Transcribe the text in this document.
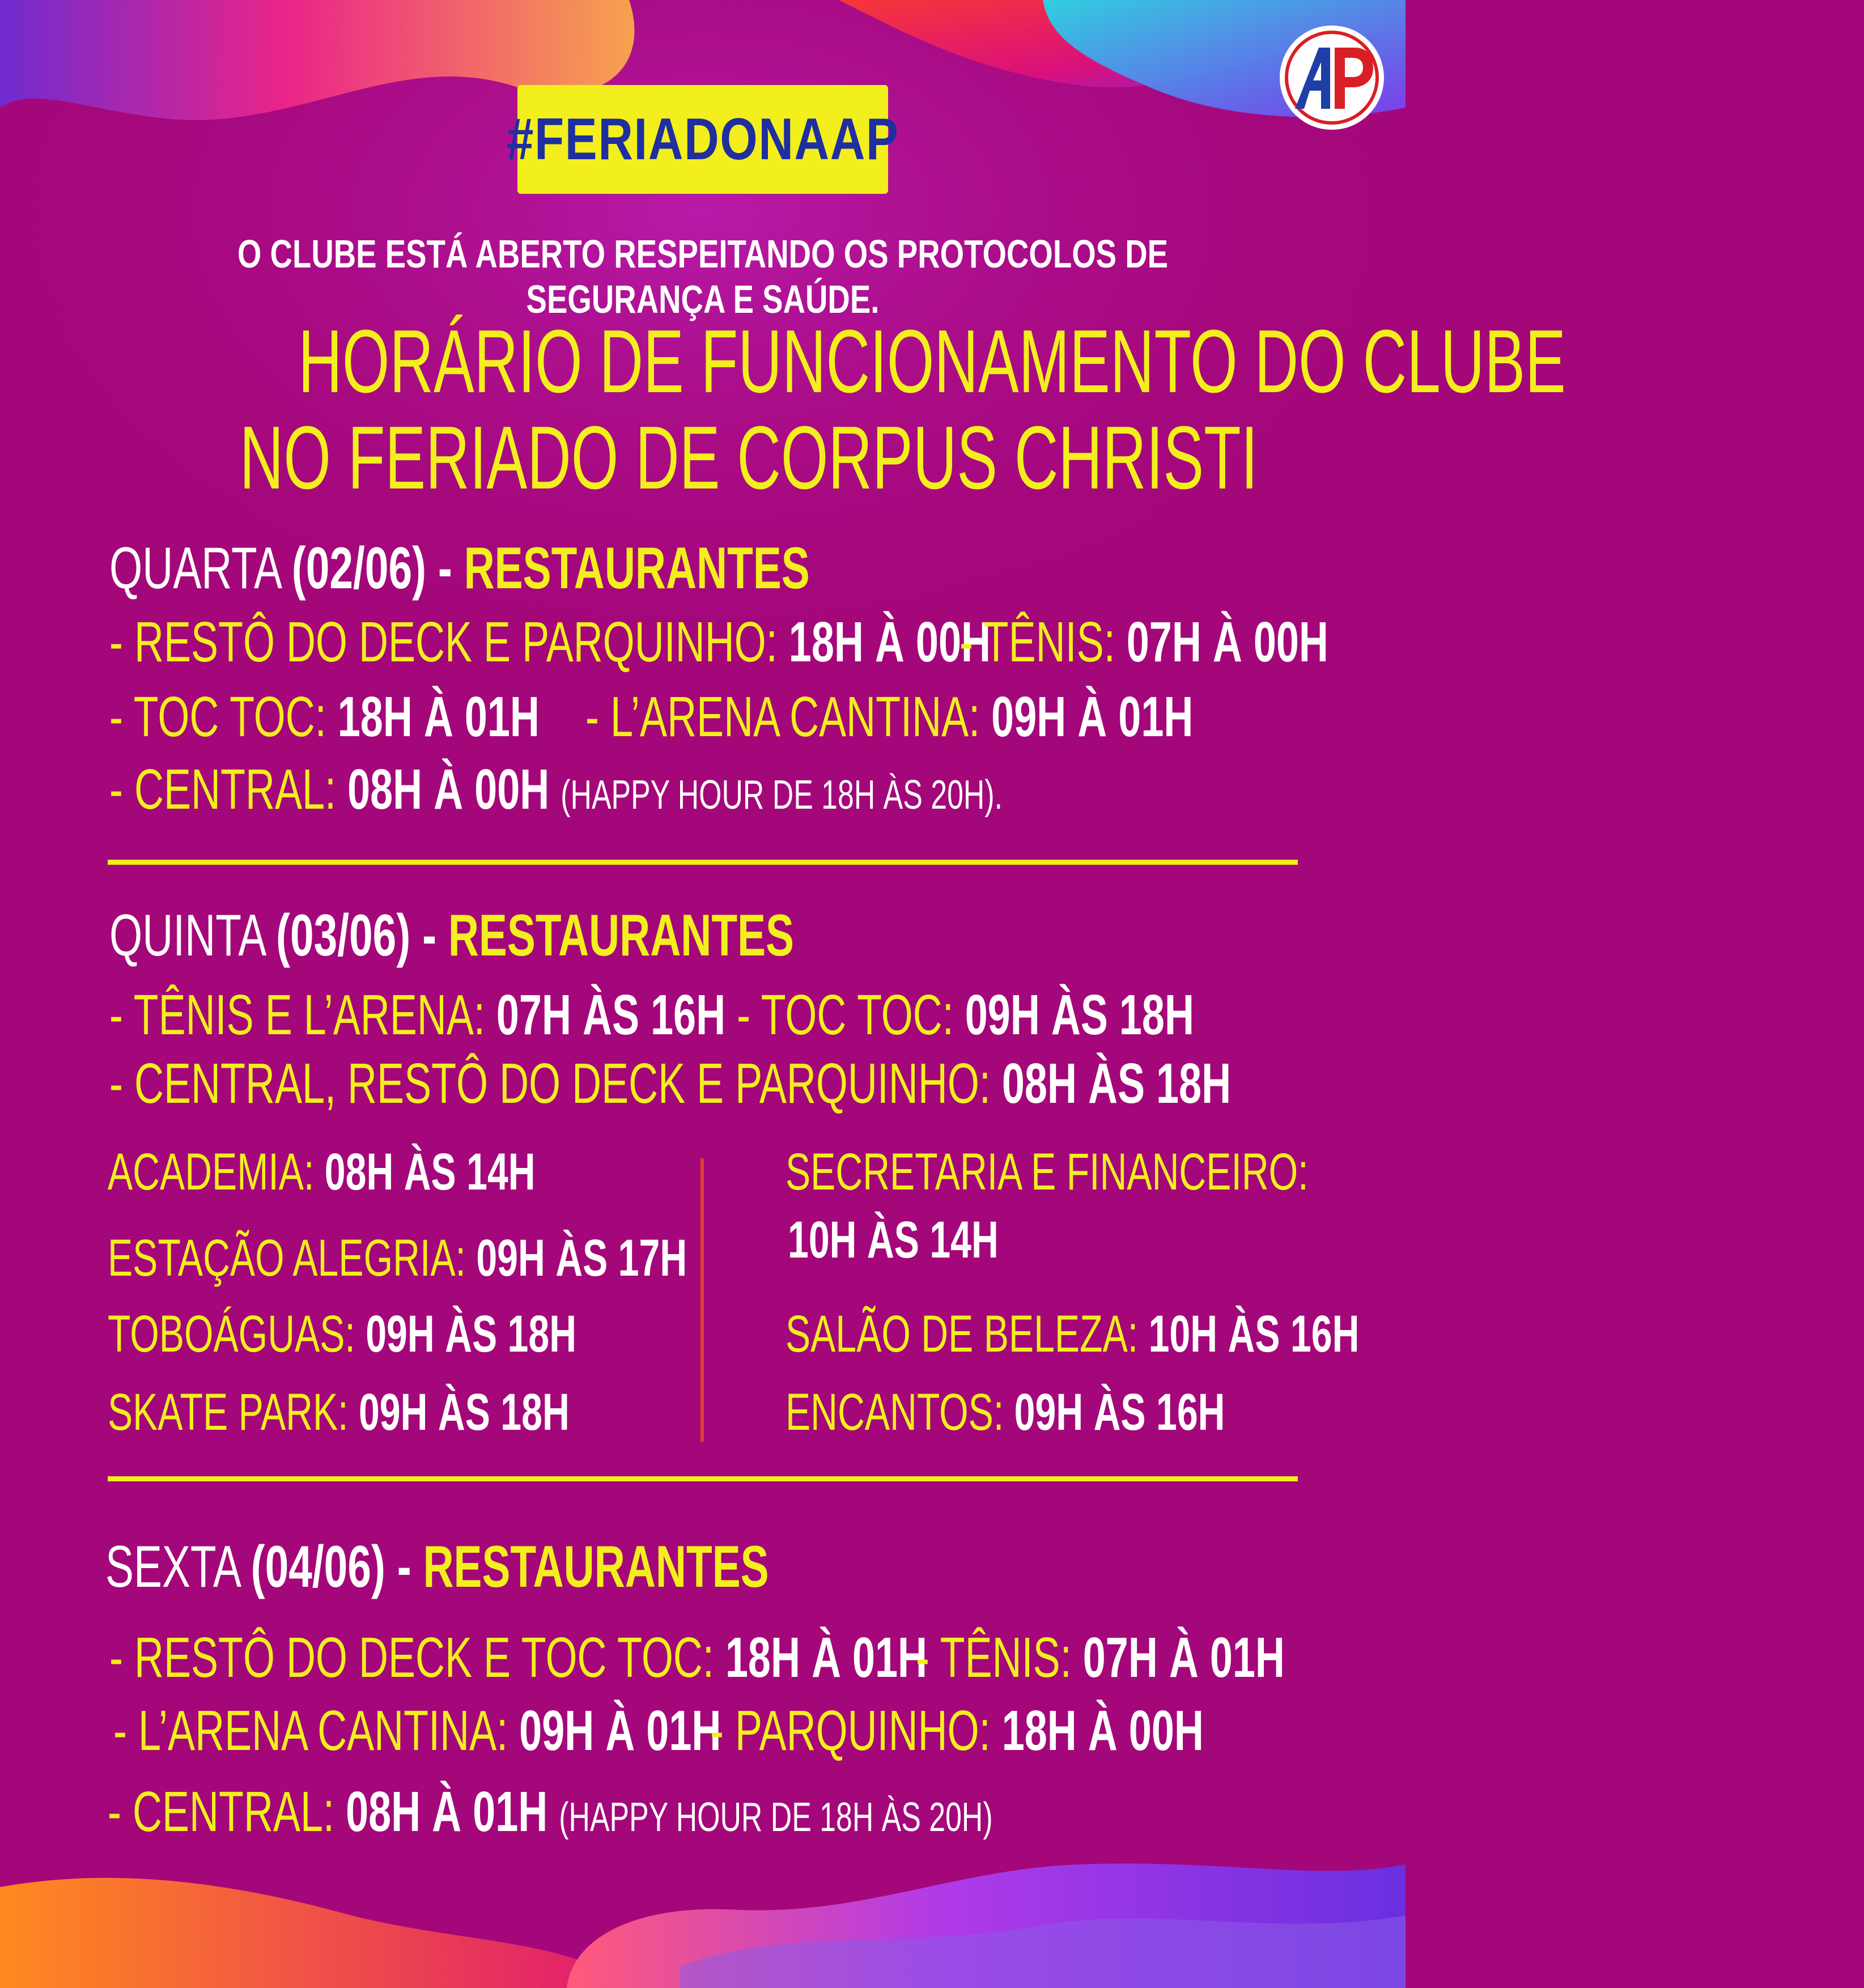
#FERIADONAAP
O CLUBE ESTÁ ABERTO RESPEITANDO OS PROTOCOLOS DE SEGURANÇA E SAÚDE.
HORÁRIO DE FUNCIONAMENTO DO CLUBE
NO FERIADO DE CORPUS CHRISTI
QUARTA (02/06) - RESTAURANTES
- RESTÔ DO DECK E PARQUINHO: 18H À 00H
- TÊNIS: 07H À 00H
- TOC TOC: 18H À 01H - L’ARENA CANTINA: 09H À 01H
- CENTRAL: 08H À 00H (HAPPY HOUR DE 18H ÀS 20H).
QUINTA (03/06) - RESTAURANTES
- TÊNIS E L’ARENA: 07H ÀS 16H - TOC TOC: 09H ÀS 18H
- CENTRAL, RESTÔ DO DECK E PARQUINHO: 08H ÀS 18H
ACADEMIA: 08H ÀS 14H
ESTAÇÃO ALEGRIA: 09H ÀS 17H
TOBOÁGUAS: 09H ÀS 18H
SKATE PARK: 09H ÀS 18H
SECRETARIA E FINANCEIRO:
10H ÀS 14H
SALÃO DE BELEZA: 10H ÀS 16H
ENCANTOS: 09H ÀS 16H
SEXTA (04/06) - RESTAURANTES
- RESTÔ DO DECK E TOC TOC: 18H À 01H
- TÊNIS: 07H À 01H
- L’ARENA CANTINA: 09H À 01H
- PARQUINHO: 18H À 00H
- CENTRAL: 08H À 01H (HAPPY HOUR DE 18H ÀS 20H)
